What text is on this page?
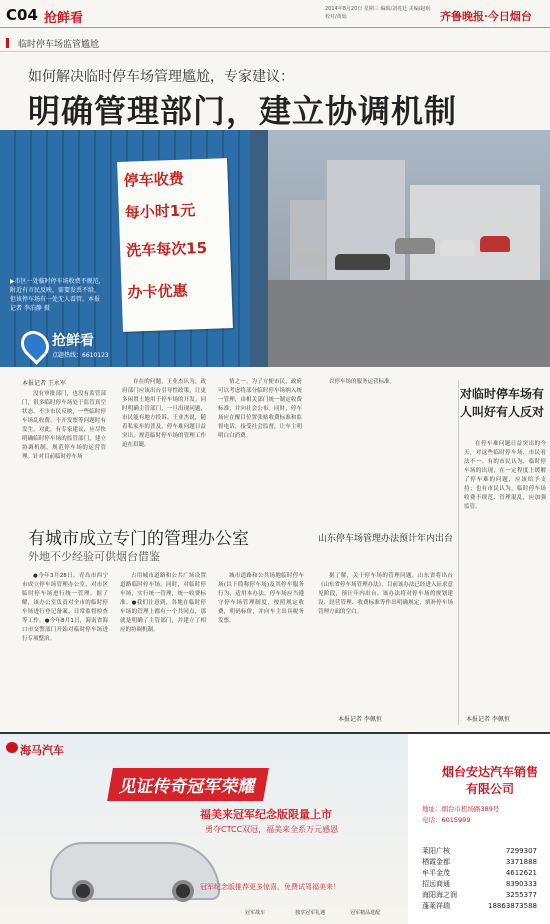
C04 抢鲜看
2014年8月20日 星期三 编辑/刘兆廷 美编/赵珉 校对/黄灿	齐鲁晚报·今日烟台
临时停车场监管尴尬
如何解决临时停车场管理尴尬，专家建议：
明确管理部门，建立协调机制
停车收费
每小时1元
洗车每次15
办卡优惠
抢鲜看
点题热线：6610123
▶市区一处临时停车场收费不规范，附近有市民反映，需要发票不给，但该停车场有一处无人看管。本报记者 李泊静 摄
本报记者 王永军

没有审批部门，也没有监管部门，很多临时停车场处于监管真空状态。不少市民反映，一些临时停车场乱收费、不开发票等问题时有发生。对此，有专家建议，应尽快明确临时停车场的监管部门，建立协调机制，规范停车场的运营管理。针对目前临时停车场

存在的问题，王业杰认为，政府部门应该出台引导性政策，让更多闲置土地用于停车场的开发。同时明确主管部门，一旦出现问题，市民能有地方投诉。王业杰说，随着私家车的普及，停车难问题日益突出，规范临时停车场的管理工作迫在眉睫。

情之一。为了方便市民，政府可以考虑将部分临时停车场纳入统一管理，由相关部门统一制定收费标准，并向社会公布。同时，停车场应在醒目位置张贴收费标准和监督电话，接受社会监督，让车主明明白白消费。

以停车场的服务运营标准。

对临时停车场有人叫好有人反对

在停车难问题日益突出的今天，对这些临时停车场，市民看法不一。有的市民认为，临时停车场的出现，在一定程度上缓解了停车难的问题，应该给予支持；也有市民认为，临时停车场收费不规范、管理混乱，应加强监管。

本报记者 李佩恒
有城市成立专门的管理办公室
外地不少经验可供烟台借鉴

●今年3月28日，青岛市西宁市成立停车场管理办公室，对市区临时停车场进行统一管理。据了解，该办公室负责对全市的临时停车场进行登记备案、日常监督检查等工作。●今年8月1日，海南省海口市交警部门开始对临时停车场进行专项整治。

占用城市道路和公共广场设置道路临时停车场。同时，对临时停车场，实行统一管理，统一收费标准。●我们注意到，各地在临时停车场的管理上都有一个共同点，那就是明确了主管部门，并建立了相应的协调机制。

城市道路和公共场地临时停车场(以下简称停车场)及其停车服务行为，适用本办法。停车场应当遵守停车场管理制度，按照规定收费，明码标价，并向车主出具税务发票。

山东停车场管理办法预计年内出台

据了解，关于停车场的管理问题，山东省将出台《山东省停车场管理办法》，目前该办法已经进入征求意见阶段，预计年内出台。该办法将对停车场的规划建设、经营管理、收费标准等作出明确规定，填补停车场管理方面的空白。

本报记者 李佩恒
海马汽车
见证传奇冠军荣耀
福美来冠军纪念版限量上市
勇夺CTCC双冠，福美来全系万元感恩
冠军纪念版推荐更多惊喜，免费试驾福美来！
冠军战车	独享冠军礼遇	冠军精品选配
烟台安达汽车销售有限公司
地址：烟台市机场路389号
电话：6015999
莱阳广核	7299307
栖霞金都	3371888
牟平金茂	4612621
招远商通	8390333
海阳海之润	3255377
蓬莱祥瑞	18863873588
